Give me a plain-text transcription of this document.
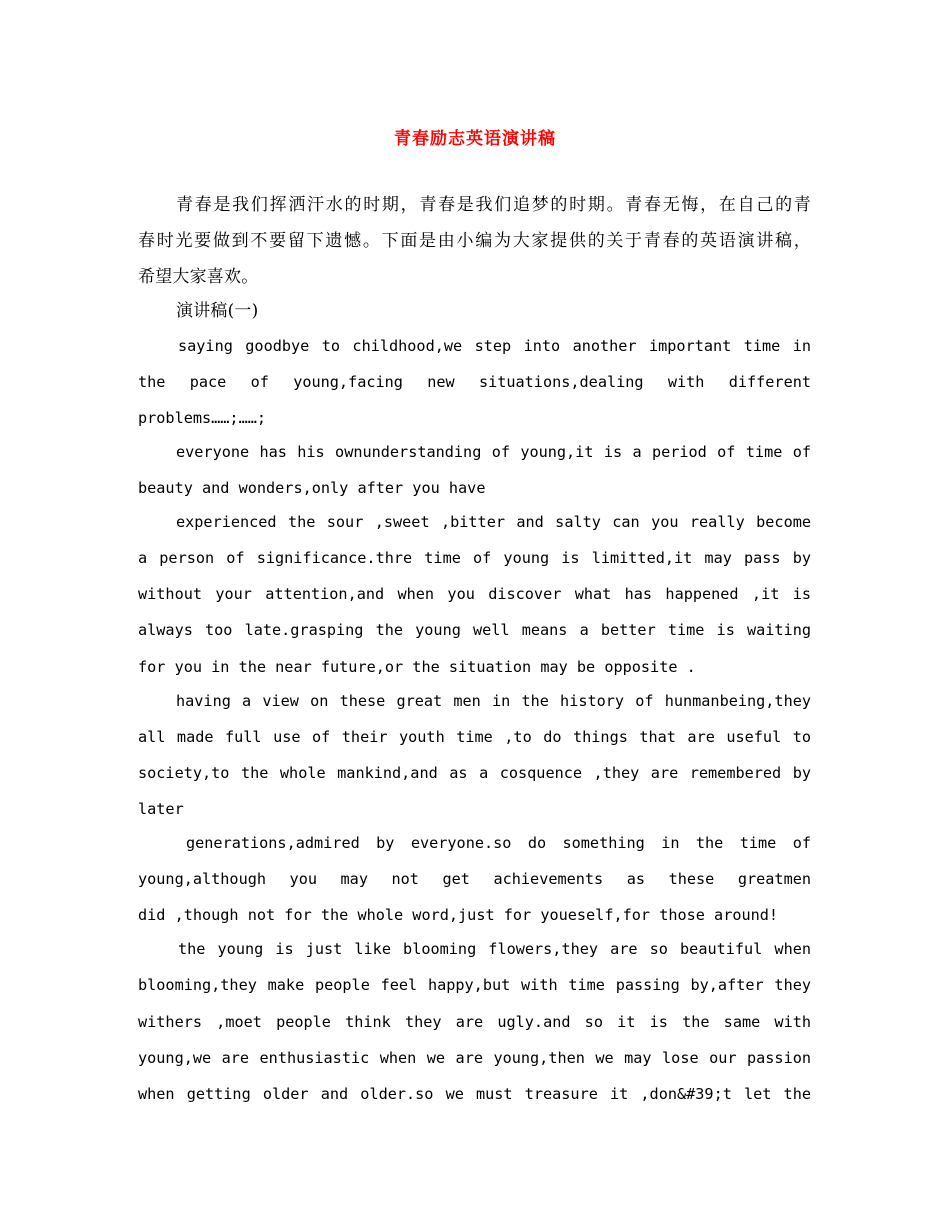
青春励志英语演讲稿
青春是我们挥洒汗水的时期，青春是我们追梦的时期。青春无悔，在自己的青
春时光要做到不要留下遗憾。下面是由小编为大家提供的关于青春的英语演讲稿，
希望大家喜欢。
演讲稿(一)
saying goodbye to childhood,we step into another important time in
the pace of young,facing new situations,dealing with different
problems……;……;
everyone has his ownunderstanding of young,it is a period of time of
beauty and wonders,only after you have
experienced the sour ,sweet ,bitter and salty can you really become
a person of significance.thre time of young is limitted,it may pass by
without your attention,and when you discover what has happened ,it is
always too late.grasping the young well means a better time is waiting
for you in the near future,or the situation may be opposite .
having a view on these great men in the history of hunmanbeing,they
all made full use of their youth time ,to do things that are useful to
society,to the whole mankind,and as a cosquence ,they are remembered by
later
generations,admired by everyone.so do something in the time of
young,although you may not get achievements as these greatmen
did ,though not for the whole word,just for youeself,for those around!
the young is just like blooming flowers,they are so beautiful when
blooming,they make people feel happy,but with time passing by,after they
withers ,moet people think they are ugly.and so it is the same with
young,we are enthusiastic when we are young,then we may lose our passion
when getting older and older.so we must treasure it ,don&#39;t let the
